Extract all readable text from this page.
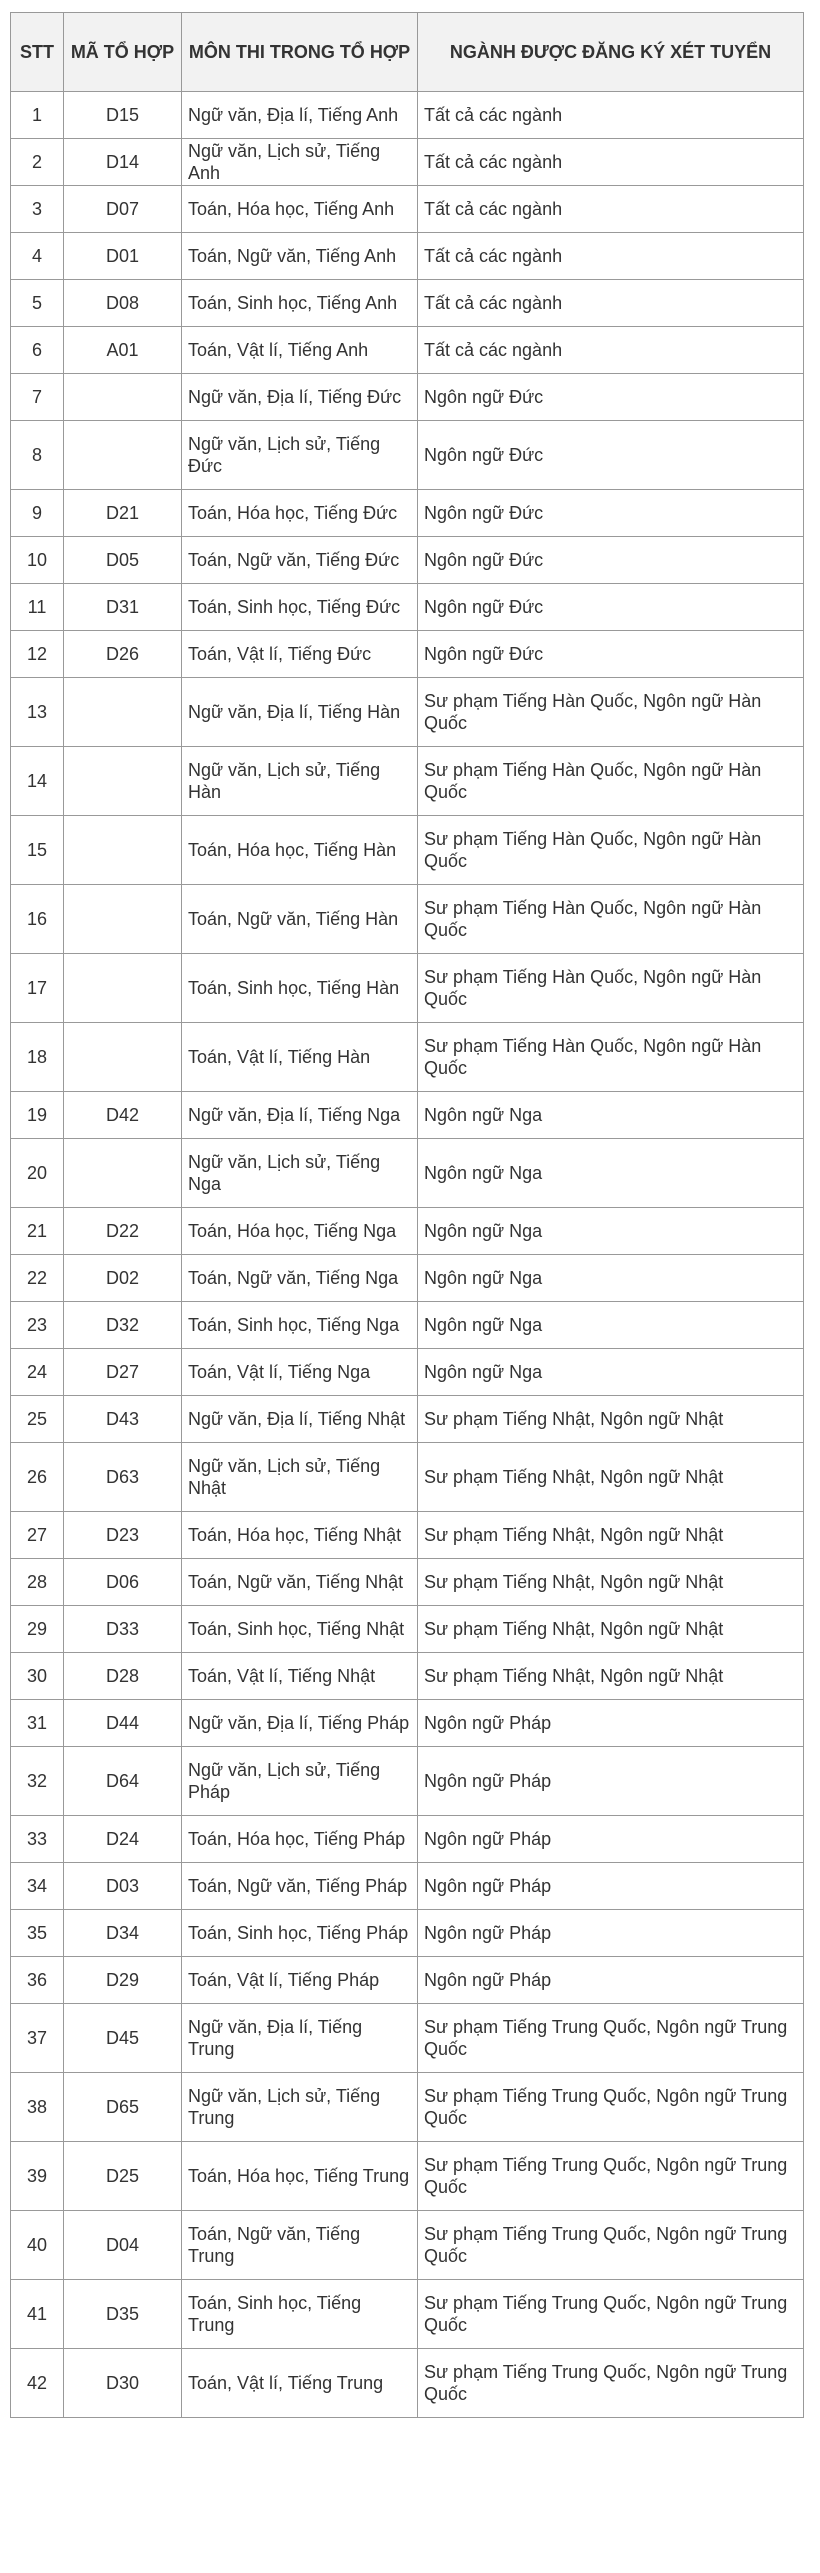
STT	MÃ TỔ HỢP	MÔN THI TRONG TỔ HỢP	NGÀNH ĐƯỢC ĐĂNG KÝ XÉT TUYỂN
1	D15	Ngữ văn, Địa lí, Tiếng Anh	Tất cả các ngành
2	D14	Ngữ văn, Lịch sử, Tiếng Anh	Tất cả các ngành
3	D07	Toán, Hóa học, Tiếng Anh	Tất cả các ngành
4	D01	Toán, Ngữ văn, Tiếng Anh	Tất cả các ngành
5	D08	Toán, Sinh học, Tiếng Anh	Tất cả các ngành
6	A01	Toán, Vật lí, Tiếng Anh	Tất cả các ngành
7		Ngữ văn, Địa lí, Tiếng Đức	Ngôn ngữ Đức
8		Ngữ văn, Lịch sử, Tiếng Đức	Ngôn ngữ Đức
9	D21	Toán, Hóa học, Tiếng Đức	Ngôn ngữ Đức
10	D05	Toán, Ngữ văn, Tiếng Đức	Ngôn ngữ Đức
11	D31	Toán, Sinh học, Tiếng Đức	Ngôn ngữ Đức
12	D26	Toán, Vật lí, Tiếng Đức	Ngôn ngữ Đức
13		Ngữ văn, Địa lí, Tiếng Hàn	Sư phạm Tiếng Hàn Quốc, Ngôn ngữ Hàn Quốc
14		Ngữ văn, Lịch sử, Tiếng Hàn	Sư phạm Tiếng Hàn Quốc, Ngôn ngữ Hàn Quốc
15		Toán, Hóa học, Tiếng Hàn	Sư phạm Tiếng Hàn Quốc, Ngôn ngữ Hàn Quốc
16		Toán, Ngữ văn, Tiếng Hàn	Sư phạm Tiếng Hàn Quốc, Ngôn ngữ Hàn Quốc
17		Toán, Sinh học, Tiếng Hàn	Sư phạm Tiếng Hàn Quốc, Ngôn ngữ Hàn Quốc
18		Toán, Vật lí, Tiếng Hàn	Sư phạm Tiếng Hàn Quốc, Ngôn ngữ Hàn Quốc
19	D42	Ngữ văn, Địa lí, Tiếng Nga	Ngôn ngữ Nga
20		Ngữ văn, Lịch sử, Tiếng Nga	Ngôn ngữ Nga
21	D22	Toán, Hóa học, Tiếng Nga	Ngôn ngữ Nga
22	D02	Toán, Ngữ văn, Tiếng Nga	Ngôn ngữ Nga
23	D32	Toán, Sinh học, Tiếng Nga	Ngôn ngữ Nga
24	D27	Toán, Vật lí, Tiếng Nga	Ngôn ngữ Nga
25	D43	Ngữ văn, Địa lí, Tiếng Nhật	Sư phạm Tiếng Nhật, Ngôn ngữ Nhật
26	D63	Ngữ văn, Lịch sử, Tiếng Nhật	Sư phạm Tiếng Nhật, Ngôn ngữ Nhật
27	D23	Toán, Hóa học, Tiếng Nhật	Sư phạm Tiếng Nhật, Ngôn ngữ Nhật
28	D06	Toán, Ngữ văn, Tiếng Nhật	Sư phạm Tiếng Nhật, Ngôn ngữ Nhật
29	D33	Toán, Sinh học, Tiếng Nhật	Sư phạm Tiếng Nhật, Ngôn ngữ Nhật
30	D28	Toán, Vật lí, Tiếng Nhật	Sư phạm Tiếng Nhật, Ngôn ngữ Nhật
31	D44	Ngữ văn, Địa lí, Tiếng Pháp	Ngôn ngữ Pháp
32	D64	Ngữ văn, Lịch sử, Tiếng Pháp	Ngôn ngữ Pháp
33	D24	Toán, Hóa học, Tiếng Pháp	Ngôn ngữ Pháp
34	D03	Toán, Ngữ văn, Tiếng Pháp	Ngôn ngữ Pháp
35	D34	Toán, Sinh học, Tiếng Pháp	Ngôn ngữ Pháp
36	D29	Toán, Vật lí, Tiếng Pháp	Ngôn ngữ Pháp
37	D45	Ngữ văn, Địa lí, Tiếng Trung	Sư phạm Tiếng Trung Quốc, Ngôn ngữ Trung Quốc
38	D65	Ngữ văn, Lịch sử, Tiếng Trung	Sư phạm Tiếng Trung Quốc, Ngôn ngữ Trung Quốc
39	D25	Toán, Hóa học, Tiếng Trung	Sư phạm Tiếng Trung Quốc, Ngôn ngữ Trung Quốc
40	D04	Toán, Ngữ văn, Tiếng Trung	Sư phạm Tiếng Trung Quốc, Ngôn ngữ Trung Quốc
41	D35	Toán, Sinh học, Tiếng Trung	Sư phạm Tiếng Trung Quốc, Ngôn ngữ Trung Quốc
42	D30	Toán, Vật lí, Tiếng Trung	Sư phạm Tiếng Trung Quốc, Ngôn ngữ Trung Quốc
